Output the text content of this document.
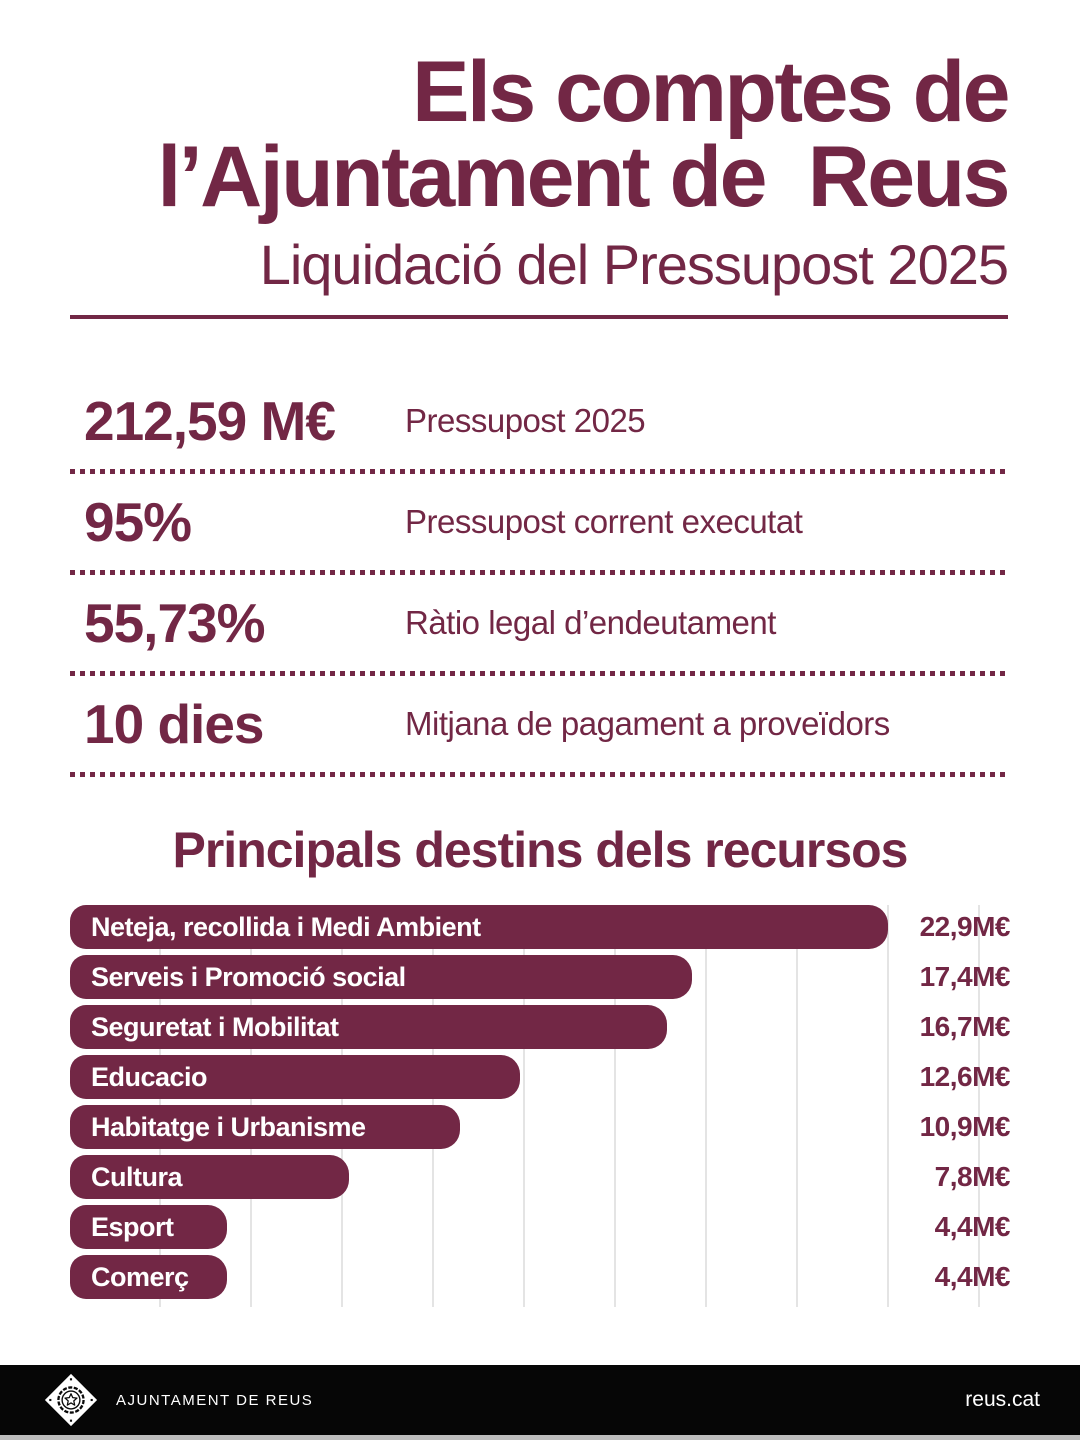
Els comptes de
l’Ajuntament de  Reus
Liquidació del Pressupost 2025
212,59 M€	Pressupost 2025
95%	Pressupost corrent executat
55,73%	Ràtio legal d’endeutament
10 dies	Mitjana de pagament a proveïdors
Principals destins dels recursos
Neteja, recollida i Medi Ambient	22,9M€
Serveis i Promoció social	17,4M€
Seguretat i Mobilitat	16,7M€
Educacio	12,6M€
Habitatge i Urbanisme	10,9M€
Cultura	7,8M€
Esport	4,4M€
Comerç	4,4M€
AJUNTAMENT DE REUS	reus.cat
